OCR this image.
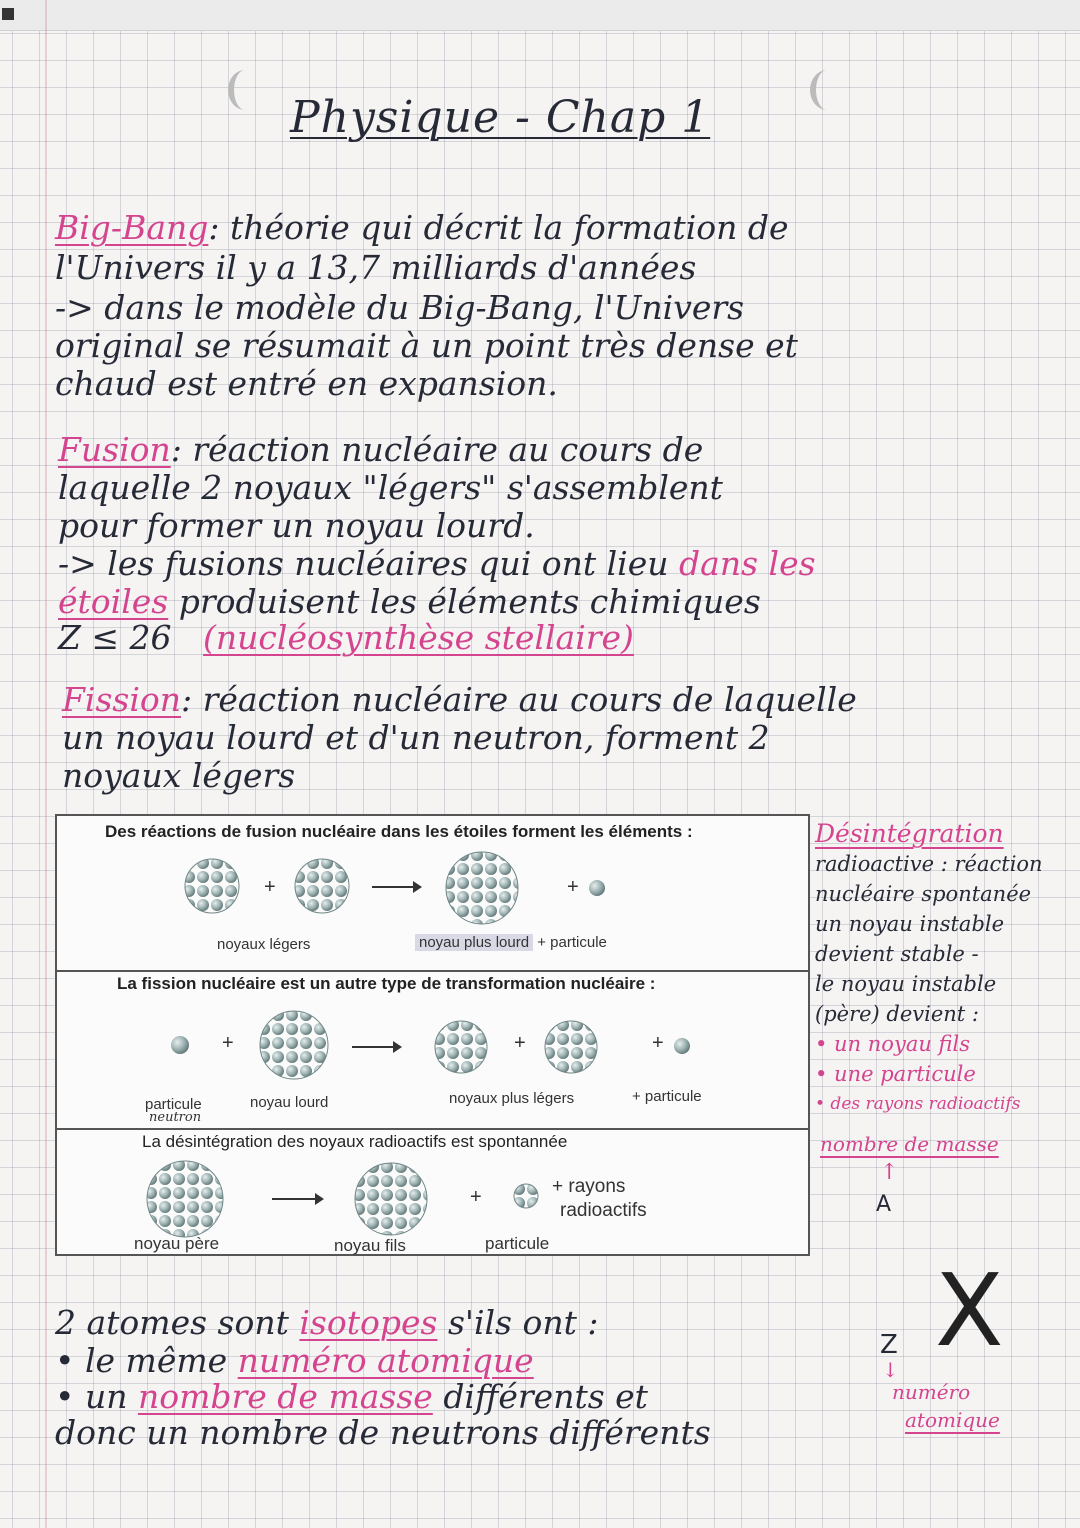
Physique - Chap 1
Big-Bang: théorie qui décrit la formation de
l'Univers il y a 13,7 milliards d'années
-> dans le modèle du Big-Bang, l'Univers
original se résumait à un point très dense et
chaud est entré en expansion.
Fusion: réaction nucléaire au cours de
laquelle 2 noyaux "légers" s'assemblent
pour former un noyau lourd.
-> les fusions nucléaires qui ont lieu dans les
étoiles produisent les éléments chimiques
Z ≤ 26 (nucléosynthèse stellaire)
Fission: réaction nucléaire au cours de laquelle
un noyau lourd et d'un neutron, forment 2
noyaux légers
Des réactions de fusion nucléaire dans les étoiles forment les éléments :
+	+
noyaux légers	noyau plus lourd + particule
La fission nucléaire est un autre type de transformation nucléaire :
+	+	+
particule
neutron
noyau lourd	noyaux plus légers	+ particule
La désintégration des noyaux radioactifs est spontannée
+	+ rayons
radioactifs
noyau père	noyau fils	particule
Désintégration
radioactive : réaction
nucléaire spontanée
un noyau instable
devient stable -
le noyau instable
(père) devient :
• un noyau fils
• une particule
• des rayons radioactifs
nombre de masse
↑
A
X
Z
↓
numéro
atomique
2 atomes sont isotopes s'ils ont :
• le même numéro atomique
• un nombre de masse différents et
donc un nombre de neutrons différents
